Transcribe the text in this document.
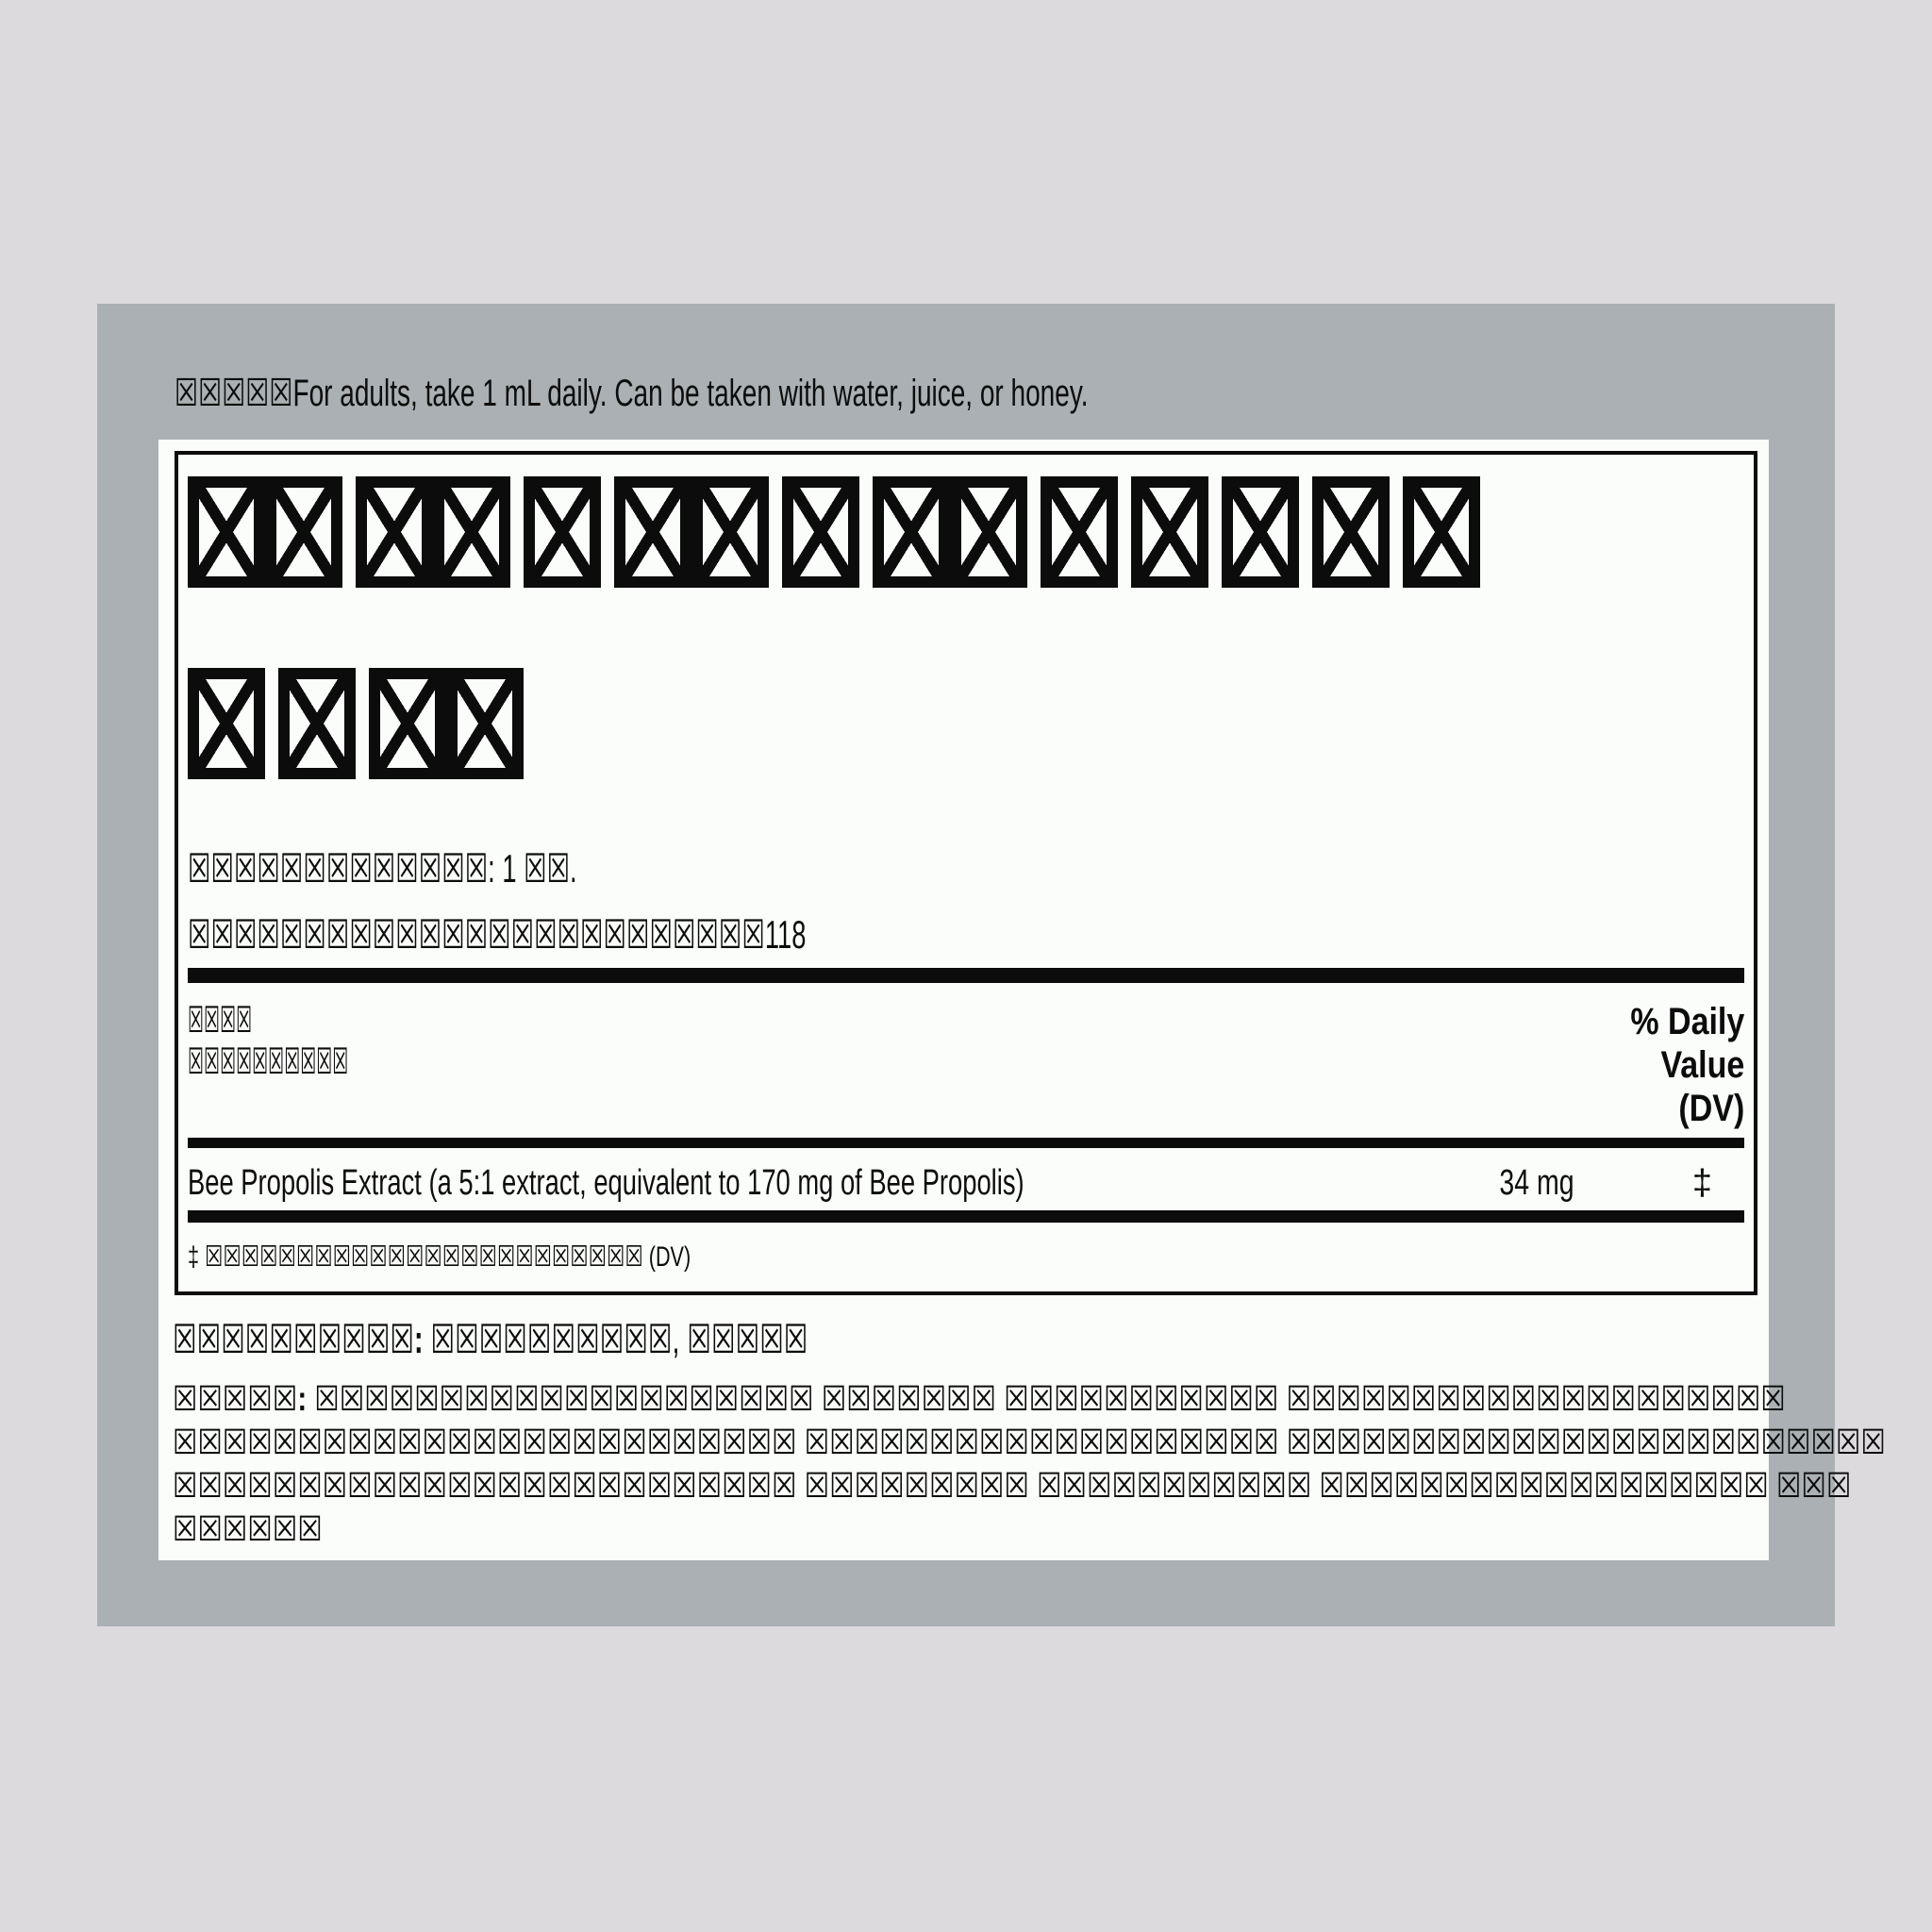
☒☒☒☒☒For adults, take 1 mL daily. Can be taken with water, juice, or honey.
☒☒☒☒☒☒☒☒☒☒☒☒☒: 1 ☒☒.
☒☒☒☒☒☒☒☒☒☒☒☒☒☒☒☒☒☒☒☒☒☒☒☒☒118
☒☒☒☒
☒☒☒☒☒☒☒☒☒☒
% Daily
Value
(DV)
Bee Propolis Extract (a 5:1 extract, equivalent to 170 mg of Bee Propolis)	34 mg	‡
‡ ☒☒☒☒☒☒☒☒☒☒☒☒☒☒☒☒☒☒☒☒☒☒☒☒ (DV)
☒☒☒☒☒☒☒☒☒☒: ☒☒☒☒☒☒☒☒☒☒, ☒☒☒☒☒
☒☒☒☒☒: ☒☒☒☒☒☒☒☒☒☒☒☒☒☒☒☒☒☒☒☒ ☒☒☒☒☒☒☒ ☒☒☒☒☒☒☒☒☒☒☒ ☒☒☒☒☒☒☒☒☒☒☒☒☒☒☒☒☒☒☒☒
☒☒☒☒☒☒☒☒☒☒☒☒☒☒☒☒☒☒☒☒☒☒☒☒☒ ☒☒☒☒☒☒☒☒☒☒☒☒☒☒☒☒☒☒☒ ☒☒☒☒☒☒☒☒☒☒☒☒☒☒☒☒☒☒☒☒☒☒☒☒
☒☒☒☒☒☒☒☒☒☒☒☒☒☒☒☒☒☒☒☒☒☒☒☒☒ ☒☒☒☒☒☒☒☒☒ ☒☒☒☒☒☒☒☒☒☒☒ ☒☒☒☒☒☒☒☒☒☒☒☒☒☒☒☒☒☒ ☒☒☒
☒☒☒☒☒☒
